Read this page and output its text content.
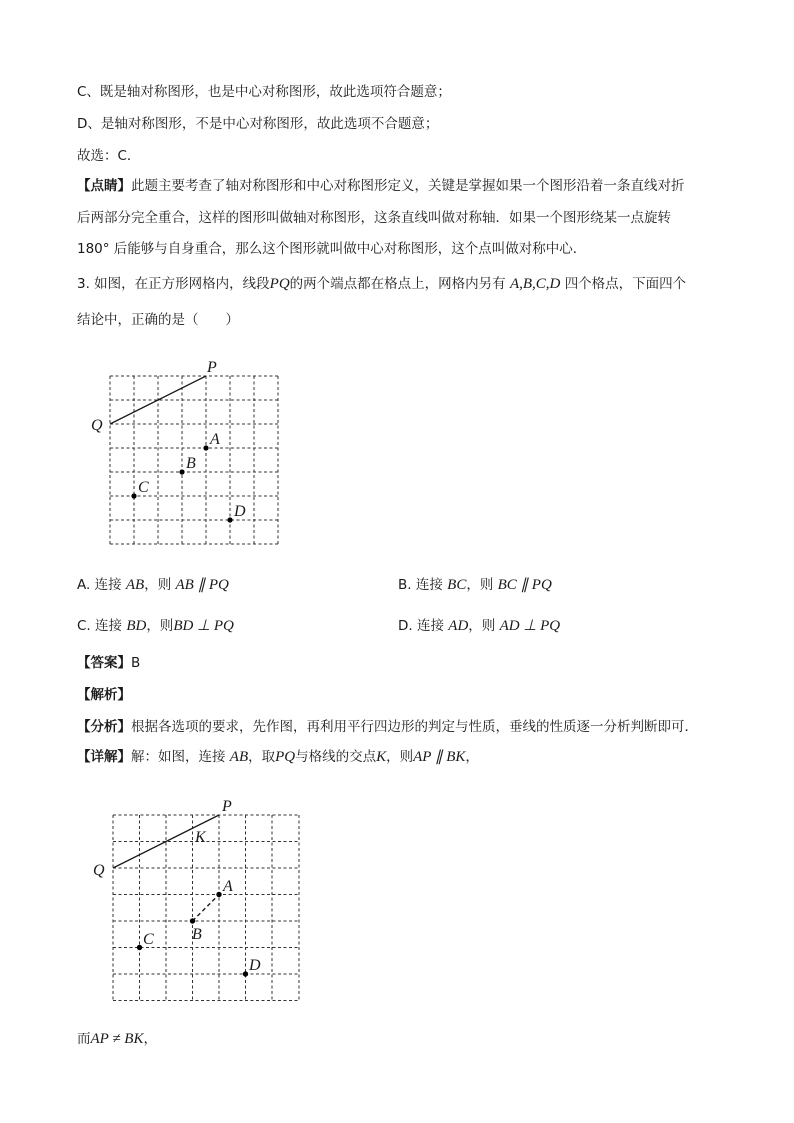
C、既是轴对称图形，也是中心对称图形，故此选项符合题意；
D、是轴对称图形，不是中心对称图形，故此选项不合题意；
故选：C．
【点睛】此题主要考查了轴对称图形和中心对称图形定义，关键是掌握如果一个图形沿着一条直线对折
后两部分完全重合，这样的图形叫做轴对称图形，这条直线叫做对称轴．如果一个图形绕某一点旋转
180° 后能够与自身重合，那么这个图形就叫做中心对称图形，这个点叫做对称中心．
3. 如图，在正方形网格内，线段PQ的两个端点都在格点上，网格内另有 A,B,C,D 四个格点，下面四个
结论中，正确的是（　　）
P
Q
A
B
C
D
A. 连接 AB，则 AB ∥ PQ	B. 连接 BC，则 BC ∥ PQ
C. 连接 BD，则BD ⊥ PQ	D. 连接 AD，则 AD ⊥ PQ
【答案】B
【解析】
【分析】根据各选项的要求，先作图，再利用平行四边形的判定与性质，垂线的性质逐一分析判断即可．
【详解】解：如图，连接 AB，取PQ与格线的交点K，则AP ∥ BK，
P
Q
K
A
B
C
D
而AP ≠ BK，
